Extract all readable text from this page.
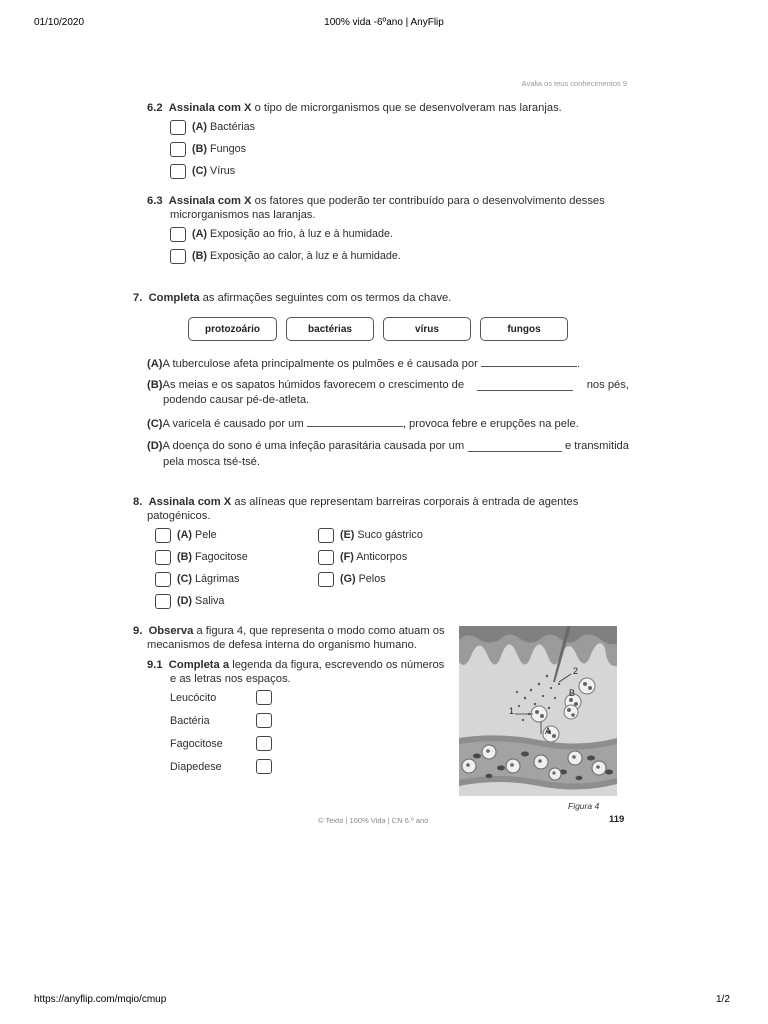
01/10/2020	100% vida -6ºano | AnyFlip
https://anyflip.com/mqio/cmup	1/2
Avalia os teus conhecimentos 9
6.2 Assinala com X o tipo de microrganismos que se desenvolveram nas laranjas.
(A) Bactérias
(B) Fungos
(C) Vírus
6.3 Assinala com X os fatores que poderão ter contribuído para o desenvolvimento desses
microrganismos nas laranjas.
(A) Exposição ao frio, à luz e à humidade.
(B) Exposição ao calor, à luz e à humidade.
7. Completa as afirmações seguintes com os termos da chave.
protozoário	bactérias	vírus	fungos
(A)A tuberculose afeta principalmente os pulmões e é causada por	.
(B)As meias e os sapatos húmidos favorecem o crescimento de	nos pés,
podendo causar pé-de-atleta.
(C)A varicela é causado por um	, provoca febre e erupções na pele.
(D)A doença do sono é uma infeção parasitária causada por um	e transmitida
pela mosca tsé-tsé.
8. Assinala com X as alíneas que representam barreiras corporais à entrada de agentes
patogénicos.
(A) Pele
(B) Fagocitose
(C) Lágrimas
(D) Saliva
(E) Suco gástrico
(F) Anticorpos
(G) Pelos
9. Observa a figura 4, que representa o modo como atuam os
mecanismos de defesa interna do organismo humano.
9.1 Completa a legenda da figura, escrevendo os números
e as letras nos espaços.
Leucócito
Bactéria
Fagocitose
Diapedese
1
2
B
A
Figura 4
© Texto | 100% Vida | CN 6.º ano	119
